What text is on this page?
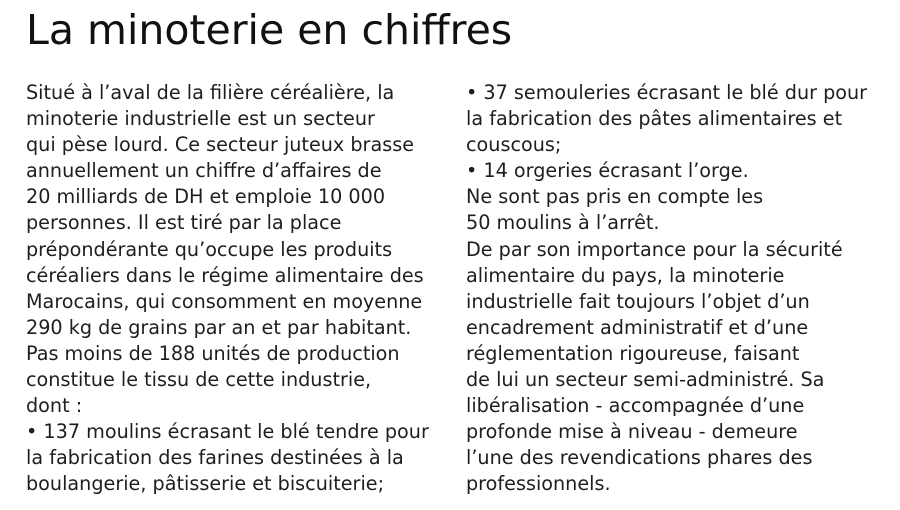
La minoterie en chiffres
Situé à l’aval de la filière céréalière, la
minoterie industrielle est un secteur
qui pèse lourd. Ce secteur juteux brasse
annuellement un chiffre d’affaires de
20 milliards de DH et emploie 10 000
personnes. Il est tiré par la place
prépondérante qu’occupe les produits
céréaliers dans le régime alimentaire des
Marocains, qui consomment en moyenne
290 kg de grains par an et par habitant.
Pas moins de 188 unités de production
constitue le tissu de cette industrie,
dont :
• 137 moulins écrasant le blé tendre pour
la fabrication des farines destinées à la
boulangerie, pâtisserie et biscuiterie;
• 37 semouleries écrasant le blé dur pour
la fabrication des pâtes alimentaires et
couscous;
• 14 orgeries écrasant l’orge.
Ne sont pas pris en compte les
50 moulins à l’arrêt.
De par son importance pour la sécurité
alimentaire du pays, la minoterie
industrielle fait toujours l’objet d’un
encadrement administratif et d’une
réglementation rigoureuse, faisant
de lui un secteur semi-administré. Sa
libéralisation - accompagnée d’une
profonde mise à niveau - demeure
l’une des revendications phares des
professionnels.
